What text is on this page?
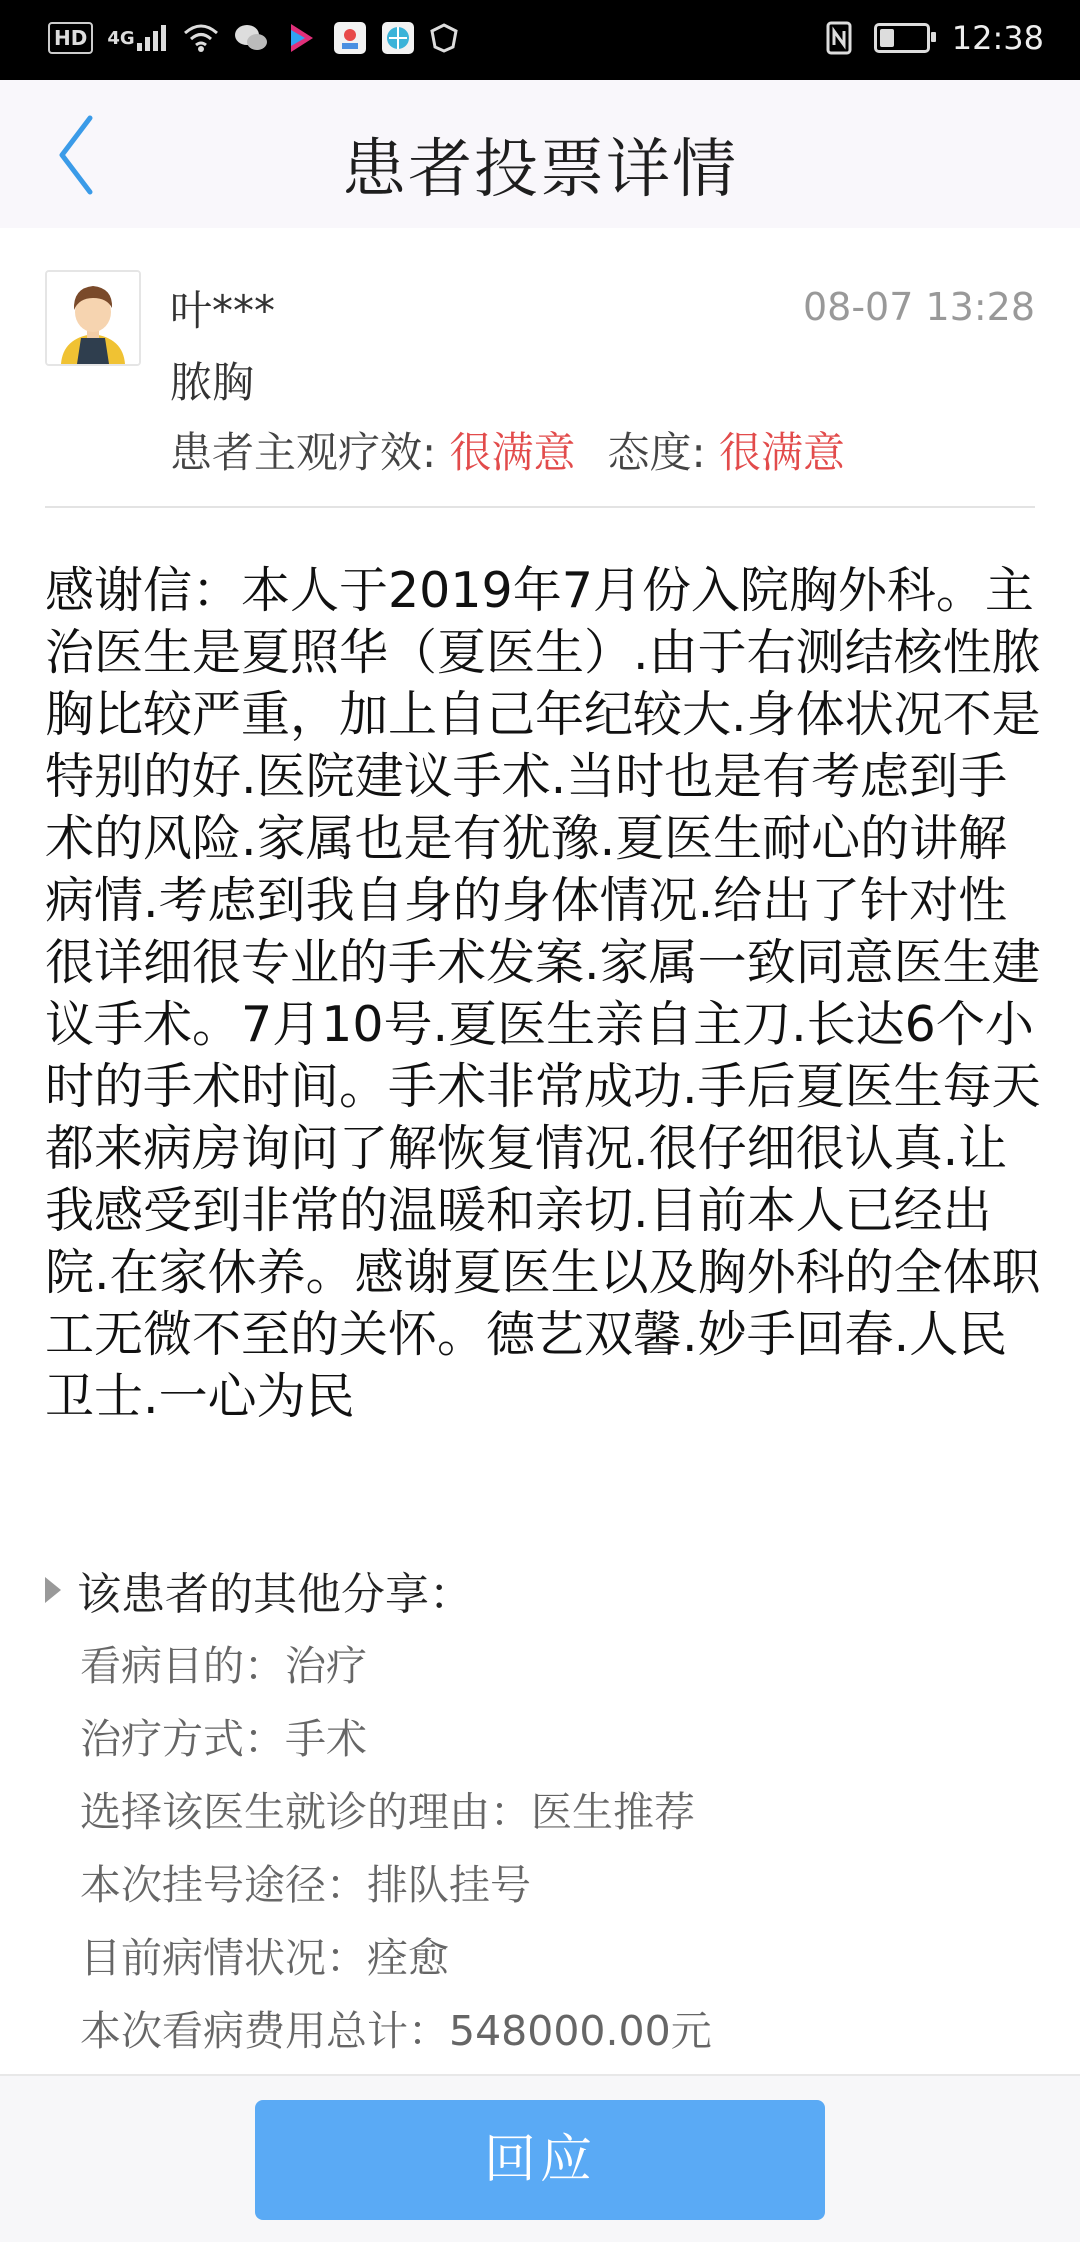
HD	4G	12:38
患者投票详情
叶***	08-07 13:28
脓胸
患者主观疗效: 很满意 态度: 很满意
感谢信：本人于2019年7月份入院胸外科。主治医生是夏照华（夏医生）.由于右测结核性脓胸比较严重，加上自己年纪较大.身体状况不是特别的好.医院建议手术.当时也是有考虑到手术的风险.家属也是有犹豫.夏医生耐心的讲解病情.考虑到我自身的身体情况.给出了针对性很详细很专业的手术发案.家属一致同意医生建议手术。7月10号.夏医生亲自主刀.长达6个小时的手术时间。手术非常成功.手后夏医生每天都来病房询问了解恢复情况.很仔细很认真.让我感受到非常的温暖和亲切.目前本人已经出院.在家休养。感谢夏医生以及胸外科的全体职工无微不至的关怀。德艺双馨.妙手回春.人民卫士.一心为民
该患者的其他分享：
看病目的：治疗
治疗方式：手术
选择该医生就诊的理由：医生推荐
本次挂号途径：排队挂号
目前病情状况：痊愈
本次看病费用总计：548000.00元
回应
